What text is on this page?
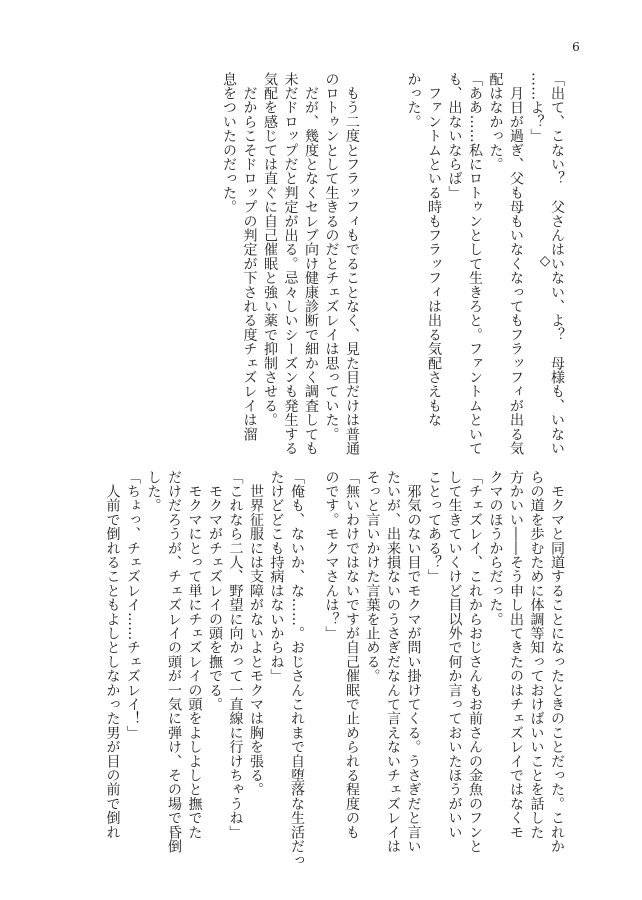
6
「出て、こない？　父さんはいない、よ？　母様も、いない
……よ？」
　月日が過ぎ、父も母もいなくなってもフラッフィが出る気
配はなかった。
「ああ……私にロトゥンとして生きろと。ファントムといて
も、出ないならば」
　ファントムといる時もフラッフィは出る気配さえもな
かった。

　もう二度とフラッフィもでることなく、見た目だけは普通
のロトゥンとして生きるのだとチェズレイは思っていた。
　だが、幾度となくセレブ向け健康診断で細かく調査しても
未だドロップだと判定が出る。忌々しいシーズンも発生する
気配を感じては直ぐに自己催眠と強い薬で抑制させる。
　だからこそドロップの判定が下される度チェズレイは溜
息をついたのだった。
◇
　モクマと同道することになったときのことだった。これか
らの道を歩むために体調等知っておけばいいことを話した
方かいい――そう申し出てきたのはチェズレイではなくモ
クマのほうからだった。
「チェズレイ、これからおじさんもお前さんの金魚のフンと
して生きていくけど目以外で何か言っておいたほうがいい
ことってある？」
　邪気のない目でモクマが問い掛けてくる。うさぎだと言い
たいが、出来損ないのうさぎだなんて言えないチェズレイは
そっと言いかけた言葉を止める。
「無いわけではないですが自己催眠で止められる程度のも
のです。モクマさんは？」
「俺も、ないか、な……。おじさんこれまで自堕落な生活だっ
たけどどこも持病はないからね」
　世界征服には支障がないよとモクマは胸を張る。
「これなら二人、野望に向かって一直線に行けちゃうね」
　モクマがチェズレイの頭を撫でる。
　モクマにとって単にチェズレイの頭をよしよしと撫でた
だけだろうが、チェズレイの頭が一気に弾け、その場で昏倒
した。
「ちょっ、チェズレイ……チェズレイ！」
　人前で倒れることもよしとしなかった男が目の前で倒れ
